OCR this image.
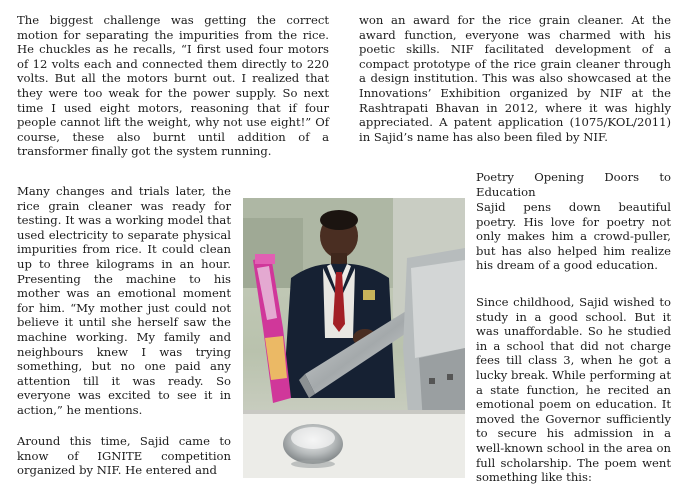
The biggest challenge was getting the correct motion for separating the impurities from the rice. He chuckles as he recalls, “I first used four motors of 12 volts each and connected them directly to 220 volts. But all the motors burnt out. I realized that they were too weak for the power supply. So next time I used eight motors, reasoning that if four people cannot lift the weight, why not use eight!” Of course, these also burnt until addition of a transformer finally got the system running.

won an award for the rice grain cleaner. At the award function, everyone was charmed with his poetic skills. NIF facilitated development of a compact prototype of the rice grain cleaner through a design institution. This was also showcased at the Innovations’ Exhibition organized by NIF at the Rashtrapati Bhavan in 2012, where it was highly appreciated. A patent application (1075/KOL/2011) in Sajid’s name has also been filed by NIF.

Many changes and trials later, the rice grain cleaner was ready for testing. It was a working model that used electricity to separate physical impurities from rice. It could clean up to three kilograms in an hour. Presenting the machine to his mother was an emotional moment for him. “My mother just could not believe it until she herself saw the machine working. My family and neighbours knew I was trying something, but no one paid any attention till it was ready. So everyone was excited to see it in action,” he mentions.

Around this time, Sajid came to know of IGNITE competition organized by NIF. He entered and

Poetry Opening Doors to Education

Sajid pens down beautiful poetry. His love for poetry not only makes him a crowd-puller, but has also helped him realize his dream of a good education.

Since childhood, Sajid wished to study in a good school. But it was unaffordable. So he studied in a school that did not charge fees till class 3, when he got a lucky break. While performing at a state function, he recited an emotional poem on education. It moved the Governor sufficiently to secure his admission in a well-known school in the area on full scholarship. The poem went something like this:
